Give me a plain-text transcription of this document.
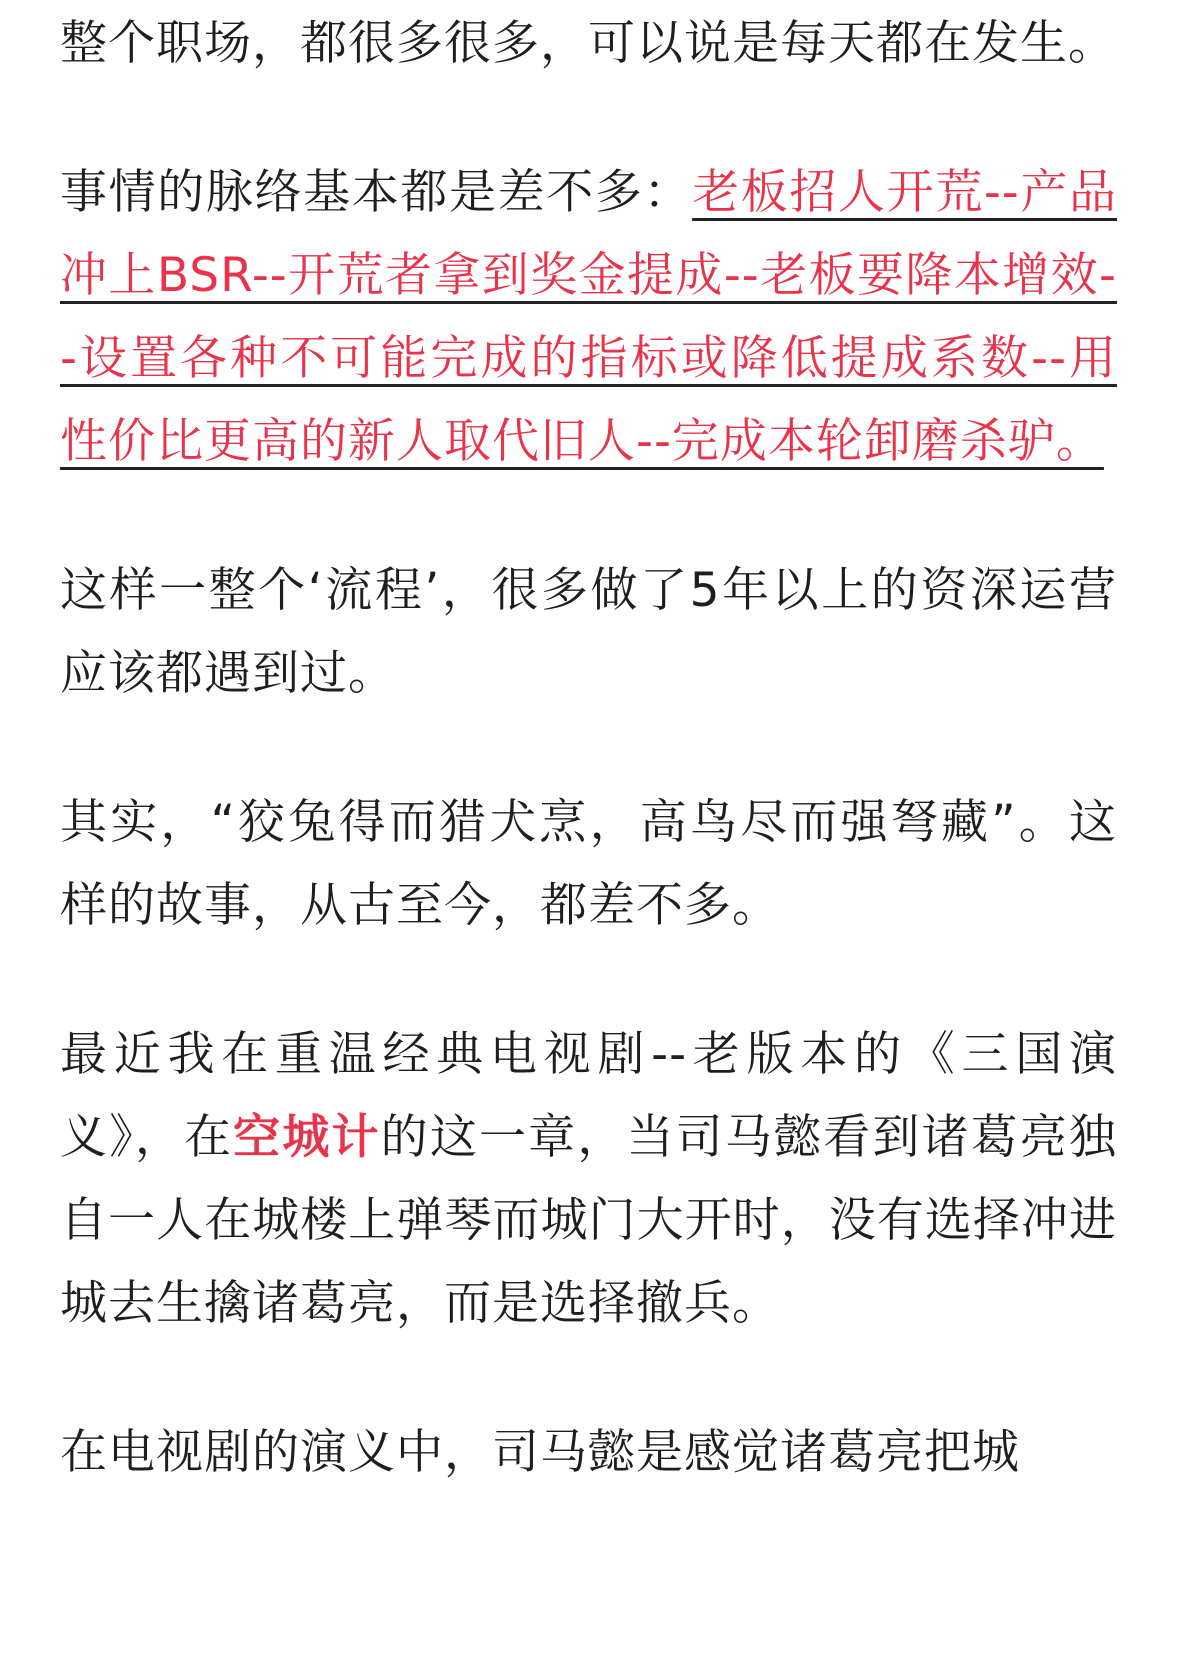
整个职场，都很多很多，可以说是每天都在发生。

事情的脉络基本都是差不多：老板招人开荒--产品冲上BSR--开荒者拿到奖金提成--老板要降本增效--设置各种不可能完成的指标或降低提成系数--用性价比更高的新人取代旧人--完成本轮卸磨杀驴。

这样一整个‘流程’，很多做了5年以上的资深运营应该都遇到过。

其实，“狡兔得而猎犬烹，高鸟尽而强弩藏”。这样的故事，从古至今，都差不多。

最近我在重温经典电视剧--老版本的《三国演义》，在空城计的这一章，当司马懿看到诸葛亮独自一人在城楼上弹琴而城门大开时，没有选择冲进城去生擒诸葛亮，而是选择撤兵。

在电视剧的演义中，司马懿是感觉诸葛亮把城
